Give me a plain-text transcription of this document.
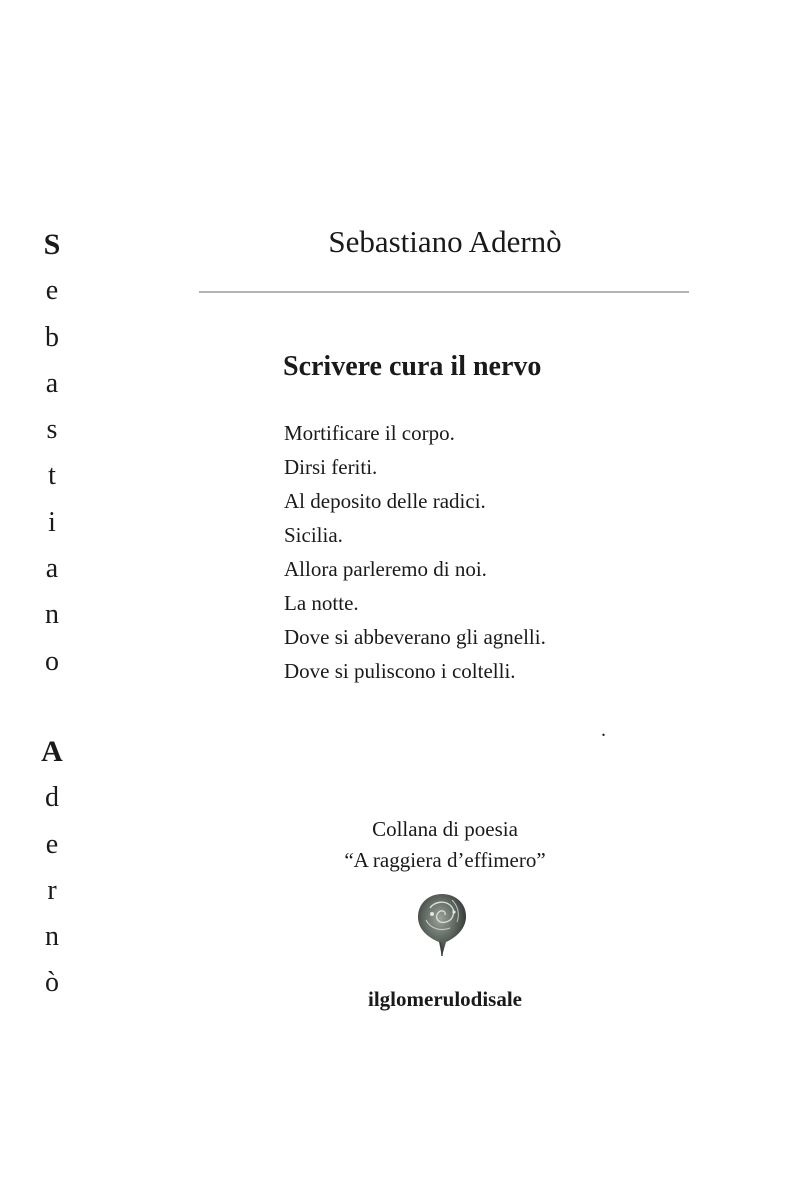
S
e
b
a
s
t
i
a
n
o
A
d
e
r
n
ò
Sebastiano Adernò
Scrivere cura il nervo
Mortificare il corpo.
Dirsi feriti.
Al deposito delle radici.
Sicilia.
Allora parleremo di noi.
La notte.
Dove si abbeverano gli agnelli.
Dove si puliscono i coltelli.
.
Collana di poesia
“A raggiera d’effimero”
ilglomerulodisale
